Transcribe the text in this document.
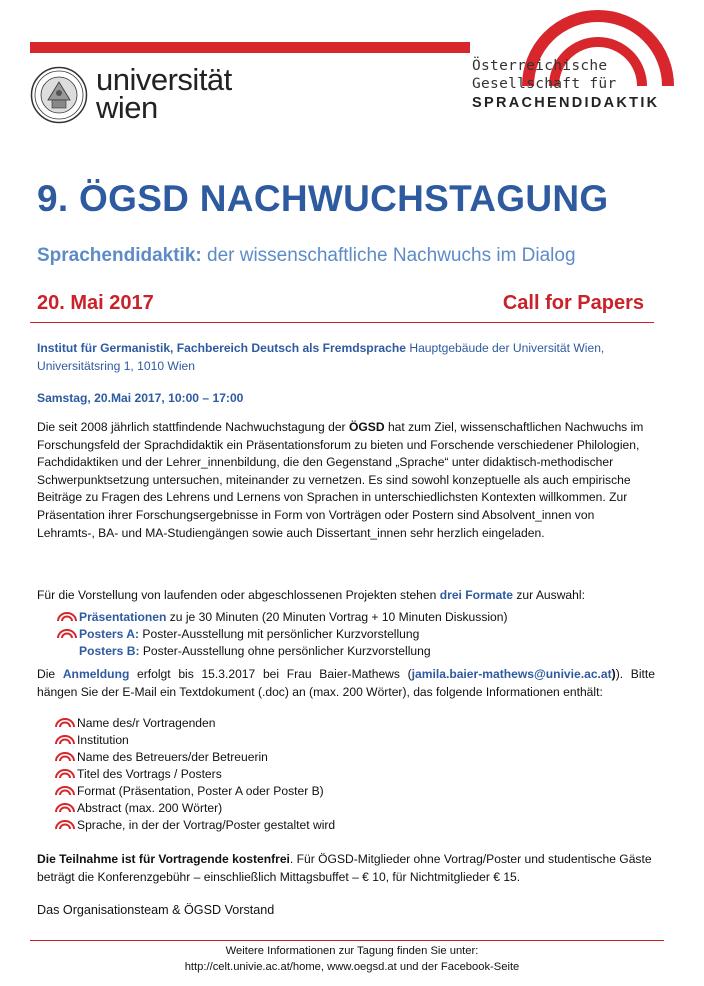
universität
wien
Österreichische
Gesellschaft für
SPRACHENDIDAKTIK
9. ÖGSD NACHWUCHSTAGUNG
Sprachendidaktik: der wissenschaftliche Nachwuchs im Dialog
20. Mai 2017	Call for Papers
Institut für Germanistik, Fachbereich Deutsch als Fremdsprache Hauptgebäude der Universität Wien, Universitätsring 1, 1010 Wien
Samstag, 20.Mai 2017, 10:00 – 17:00
Die seit 2008 jährlich stattfindende Nachwuchstagung der ÖGSD hat zum Ziel, wissenschaftlichen Nachwuchs im Forschungsfeld der Sprachdidaktik ein Präsentationsforum zu bieten und Forschende verschiedener Philologien, Fachdidaktiken und der Lehrer_innenbildung, die den Gegenstand „Sprache“ unter didaktisch-methodischer Schwerpunktsetzung untersuchen, miteinander zu vernetzen. Es sind sowohl konzeptuelle als auch empirische Beiträge zu Fragen des Lehrens und Lernens von Sprachen in unterschiedlichsten Kontexten willkommen. Zur Präsentation ihrer Forschungsergebnisse in Form von Vorträgen oder Postern sind Absolvent_innen von Lehramts-, BA- und MA-Studiengängen sowie auch Dissertant_innen sehr herzlich eingeladen.
Für die Vorstellung von laufenden oder abgeschlossenen Projekten stehen drei Formate zur Auswahl:
Präsentationen zu je 30 Minuten (20 Minuten Vortrag + 10 Minuten Diskussion)
Posters A: Poster-Ausstellung mit persönlicher Kurzvorstellung
Posters B: Poster-Ausstellung ohne persönlicher Kurzvorstellung
Die Anmeldung erfolgt bis 15.3.2017 bei Frau Baier-Mathews (jamila.baier-mathews@univie.ac.at)). Bitte hängen Sie der E-Mail ein Textdokument (.doc) an (max. 200 Wörter), das folgende Informationen enthält:
Name des/r Vortragenden
Institution
Name des Betreuers/der Betreuerin
Titel des Vortrags / Posters
Format (Präsentation, Poster A oder Poster B)
Abstract (max. 200 Wörter)
Sprache, in der der Vortrag/Poster gestaltet wird
Die Teilnahme ist für Vortragende kostenfrei. Für ÖGSD-Mitglieder ohne Vortrag/Poster und studentische Gäste beträgt die Konferenzgebühr – einschließlich Mittagsbuffet – € 10, für Nichtmitglieder € 15.
Das Organisationsteam & ÖGSD Vorstand
Weitere Informationen zur Tagung finden Sie unter:
http://celt.univie.ac.at/home, www.oegsd.at und der Facebook-Seite
